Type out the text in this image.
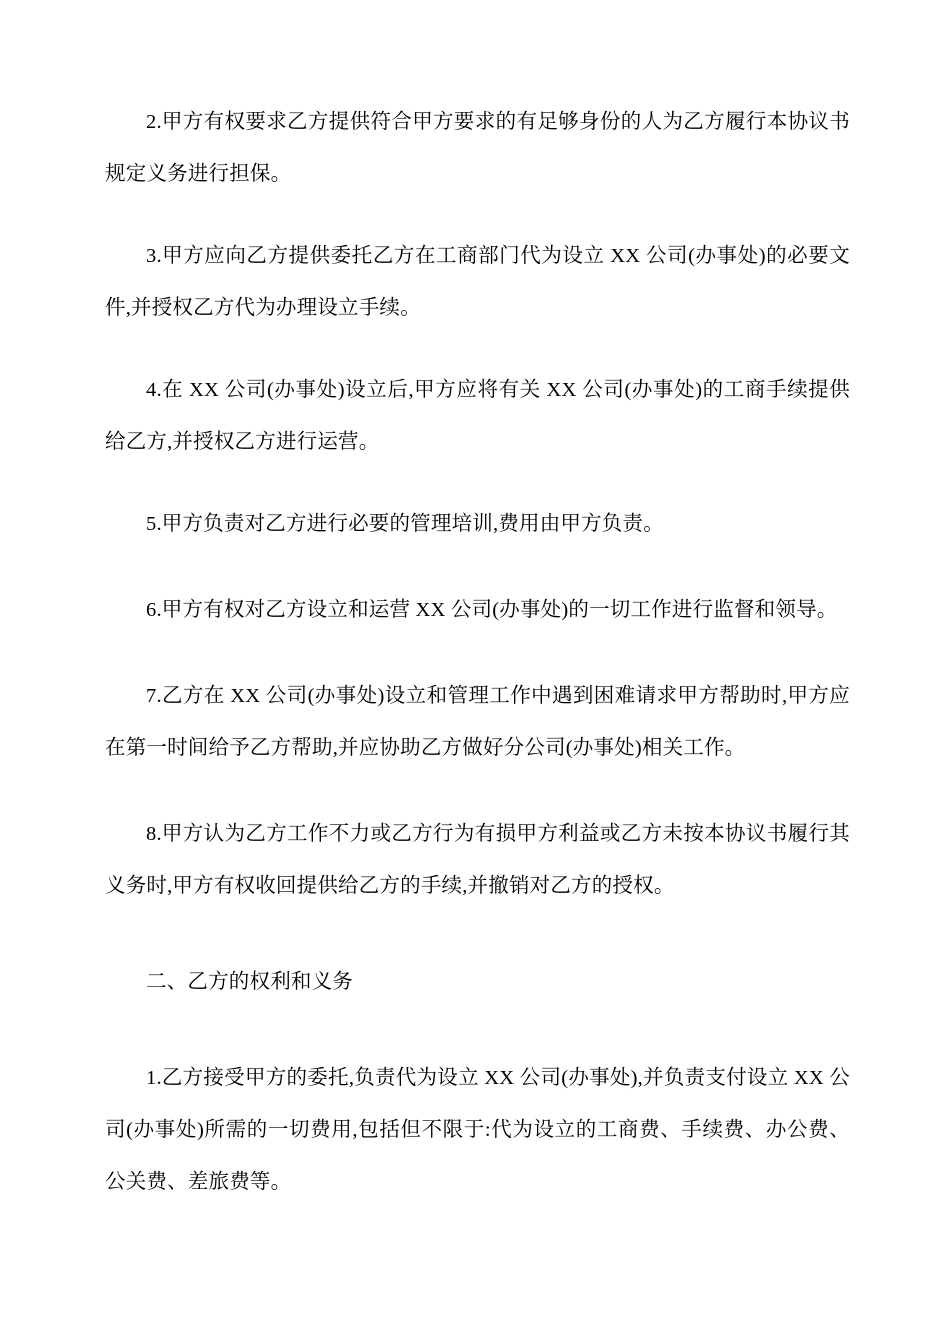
2.甲方有权要求乙方提供符合甲方要求的有足够身份的人为乙方履行本协议书规定义务进行担保。

3.甲方应向乙方提供委托乙方在工商部门代为设立 XX 公司(办事处)的必要文件,并授权乙方代为办理设立手续。

4.在 XX 公司(办事处)设立后,甲方应将有关 XX 公司(办事处)的工商手续提供给乙方,并授权乙方进行运营。

5.甲方负责对乙方进行必要的管理培训,费用由甲方负责。

6.甲方有权对乙方设立和运营 XX 公司(办事处)的一切工作进行监督和领导。

7.乙方在 XX 公司(办事处)设立和管理工作中遇到困难请求甲方帮助时,甲方应在第一时间给予乙方帮助,并应协助乙方做好分公司(办事处)相关工作。

8.甲方认为乙方工作不力或乙方行为有损甲方利益或乙方未按本协议书履行其义务时,甲方有权收回提供给乙方的手续,并撤销对乙方的授权。

二、乙方的权利和义务

1.乙方接受甲方的委托,负责代为设立 XX 公司(办事处),并负责支付设立 XX 公司(办事处)所需的一切费用,包括但不限于:代为设立的工商费、手续费、办公费、公关费、差旅费等。
